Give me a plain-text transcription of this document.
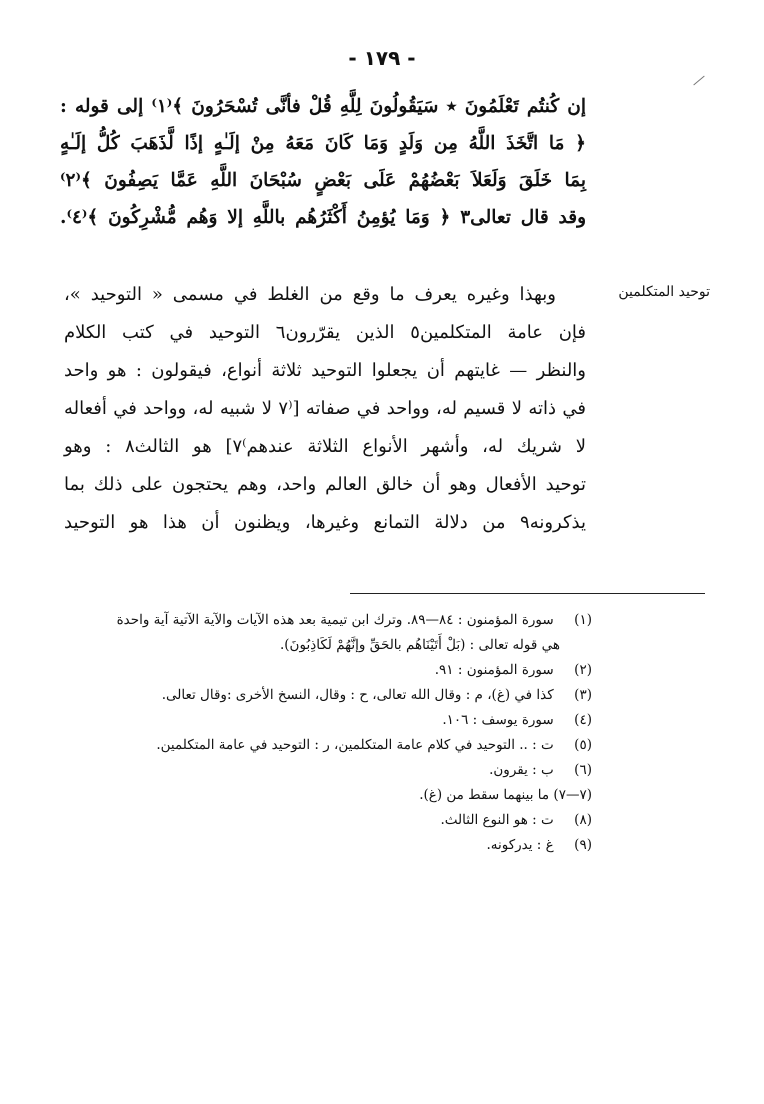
- ١٧٩ -
إن كُنتُم تَعْلَمُونَ ٭ سَيَقُولُونَ لِلَّهِ قُلْ فأنَّى تُسْحَرُونَ ﴾⁽١⁾ إلى قوله :
﴿ مَا اتَّخَذَ اللَّهُ مِن وَلَدٍ وَمَا كَانَ مَعَهُ مِنْ إلَـٰهٍ إذًا لَّذَهَبَ كُلُّ إلَـٰهٍ
بِمَا خَلَقَ وَلَعَلاَ بَعْضُهُمْ عَلَى بَعْضٍ سُبْحَانَ اللَّهِ عَمَّا يَصِفُونَ ﴾⁽٢⁾
وقد قال تعالى٣ ﴿ وَمَا يُؤمِنُ أَكْثَرُهُم باللَّهِ إلا وَهُم مُّشْرِكُونَ ﴾⁽٤⁾.
توحيد المتكلمين
وبهذا وغيره يعرف ما وقع من الغلط في مسمى « التوحيد »،
فإن عامة المتكلمين٥ الذين يقرّرون٦ التوحيد في كتب الكلام
والنظر — غايتهم أن يجعلوا التوحيد ثلاثة أنواع، فيقولون : هو واحد
في ذاته لا قسيم له، وواحد في صفاته [⁽٧ لا شبيه له، وواحد في أفعاله
لا شريك له، وأشهر الأنواع الثلاثة عندهم⁾٧] هو الثالث٨ : وهو
توحيد الأفعال وهو أن خالق العالم واحد، وهم يحتجون على ذلك بما
يذكرونه٩ من دلالة التمانع وغيرها، ويظنون أن هذا هو التوحيد
(١) سورة المؤمنون : ٨٤—٨٩. وترك ابن تيمية بعد هذه الآيات والآية الآتية آية واحدة
هي قوله تعالى : (بَلْ أَتَيْنَاهُم بالحَقِّ وإنَّهُمْ لَكَاذِبُونَ).
(٢) سورة المؤمنون : ٩١.
(٣) كذا في (غ)، م : وقال الله تعالى، ح : وقال، النسخ الأخرى :وقال تعالى.
(٤) سورة يوسف : ١٠٦.
(٥) ت : .. التوحيد في كلام عامة المتكلمين، ر : التوحيد في عامة المتكلمين.
(٦) ب : يقرون.
(٧—٧) ما بينهما سقط من (غ).
(٨) ت : هو النوع الثالث.
(٩) غ : يدركونه.
